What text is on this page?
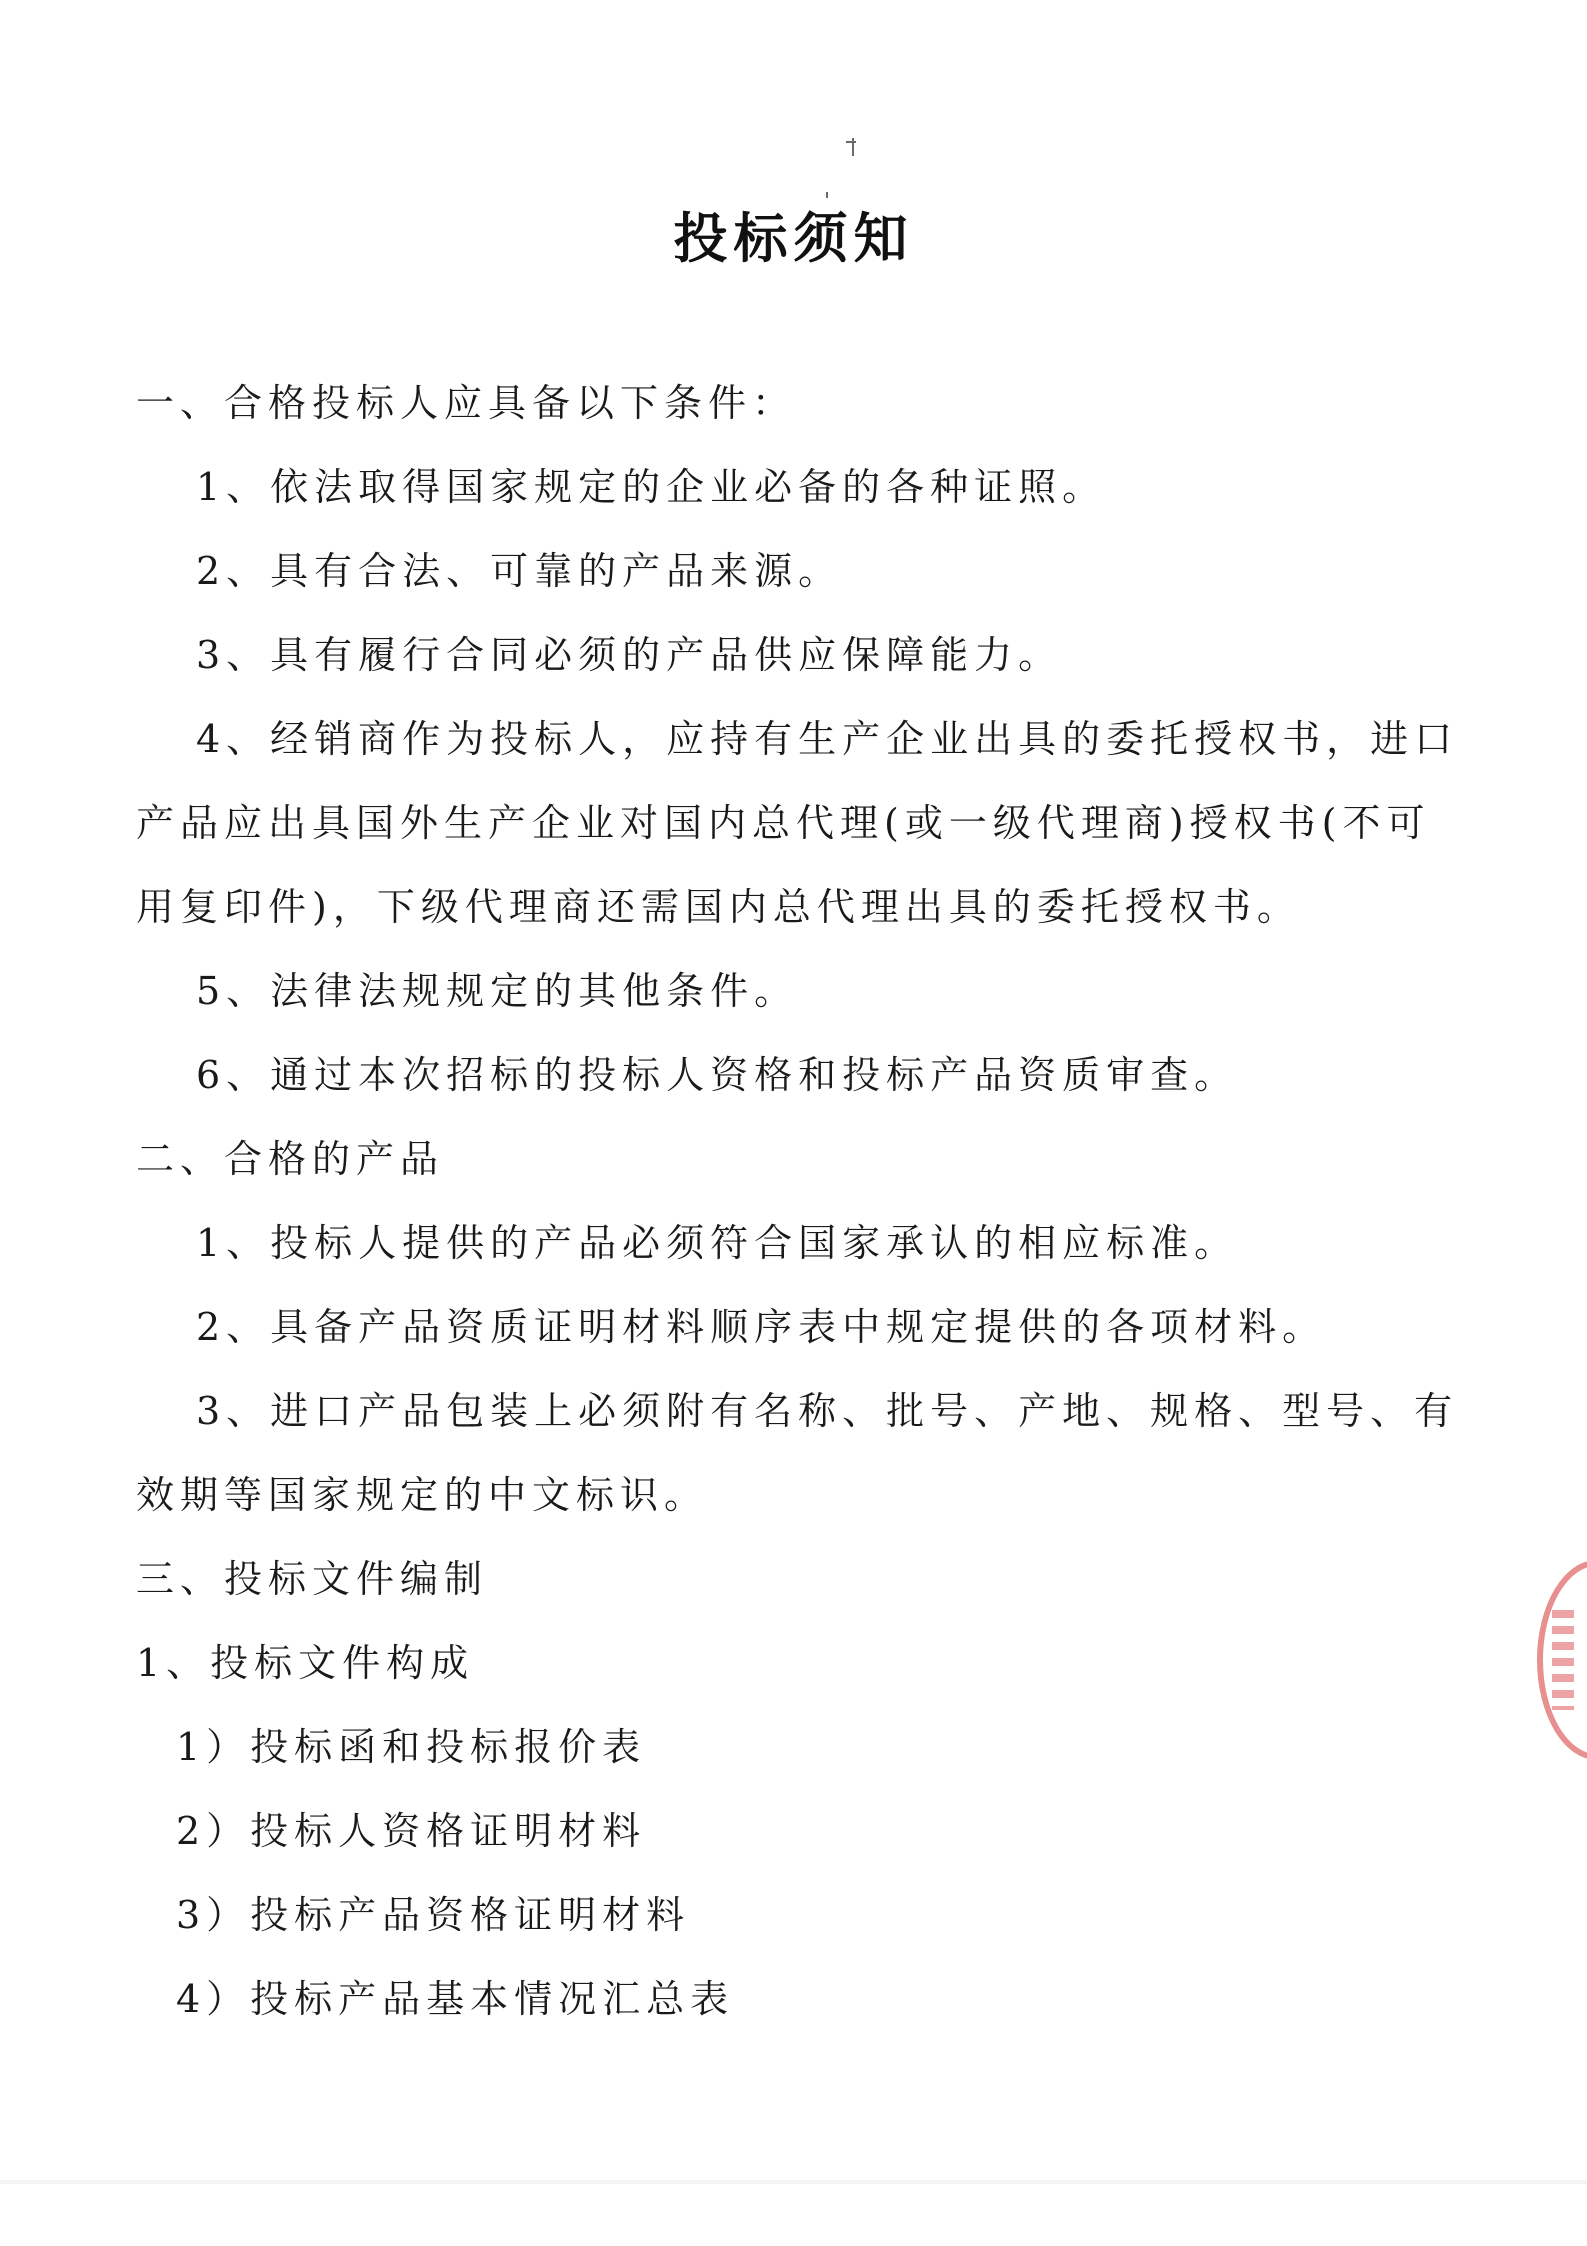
投标须知
一、合格投标人应具备以下条件：
1、依法取得国家规定的企业必备的各种证照。
2、具有合法、可靠的产品来源。
3、具有履行合同必须的产品供应保障能力。
4、经销商作为投标人，应持有生产企业出具的委托授权书，进口
产品应出具国外生产企业对国内总代理(或一级代理商)授权书(不可
用复印件)，下级代理商还需国内总代理出具的委托授权书。
5、法律法规规定的其他条件。
6、通过本次招标的投标人资格和投标产品资质审查。
二、合格的产品
1、投标人提供的产品必须符合国家承认的相应标准。
2、具备产品资质证明材料顺序表中规定提供的各项材料。
3、进口产品包装上必须附有名称、批号、产地、规格、型号、有
效期等国家规定的中文标识。
三、投标文件编制
1、投标文件构成
1）投标函和投标报价表
2）投标人资格证明材料
3）投标产品资格证明材料
4）投标产品基本情况汇总表
